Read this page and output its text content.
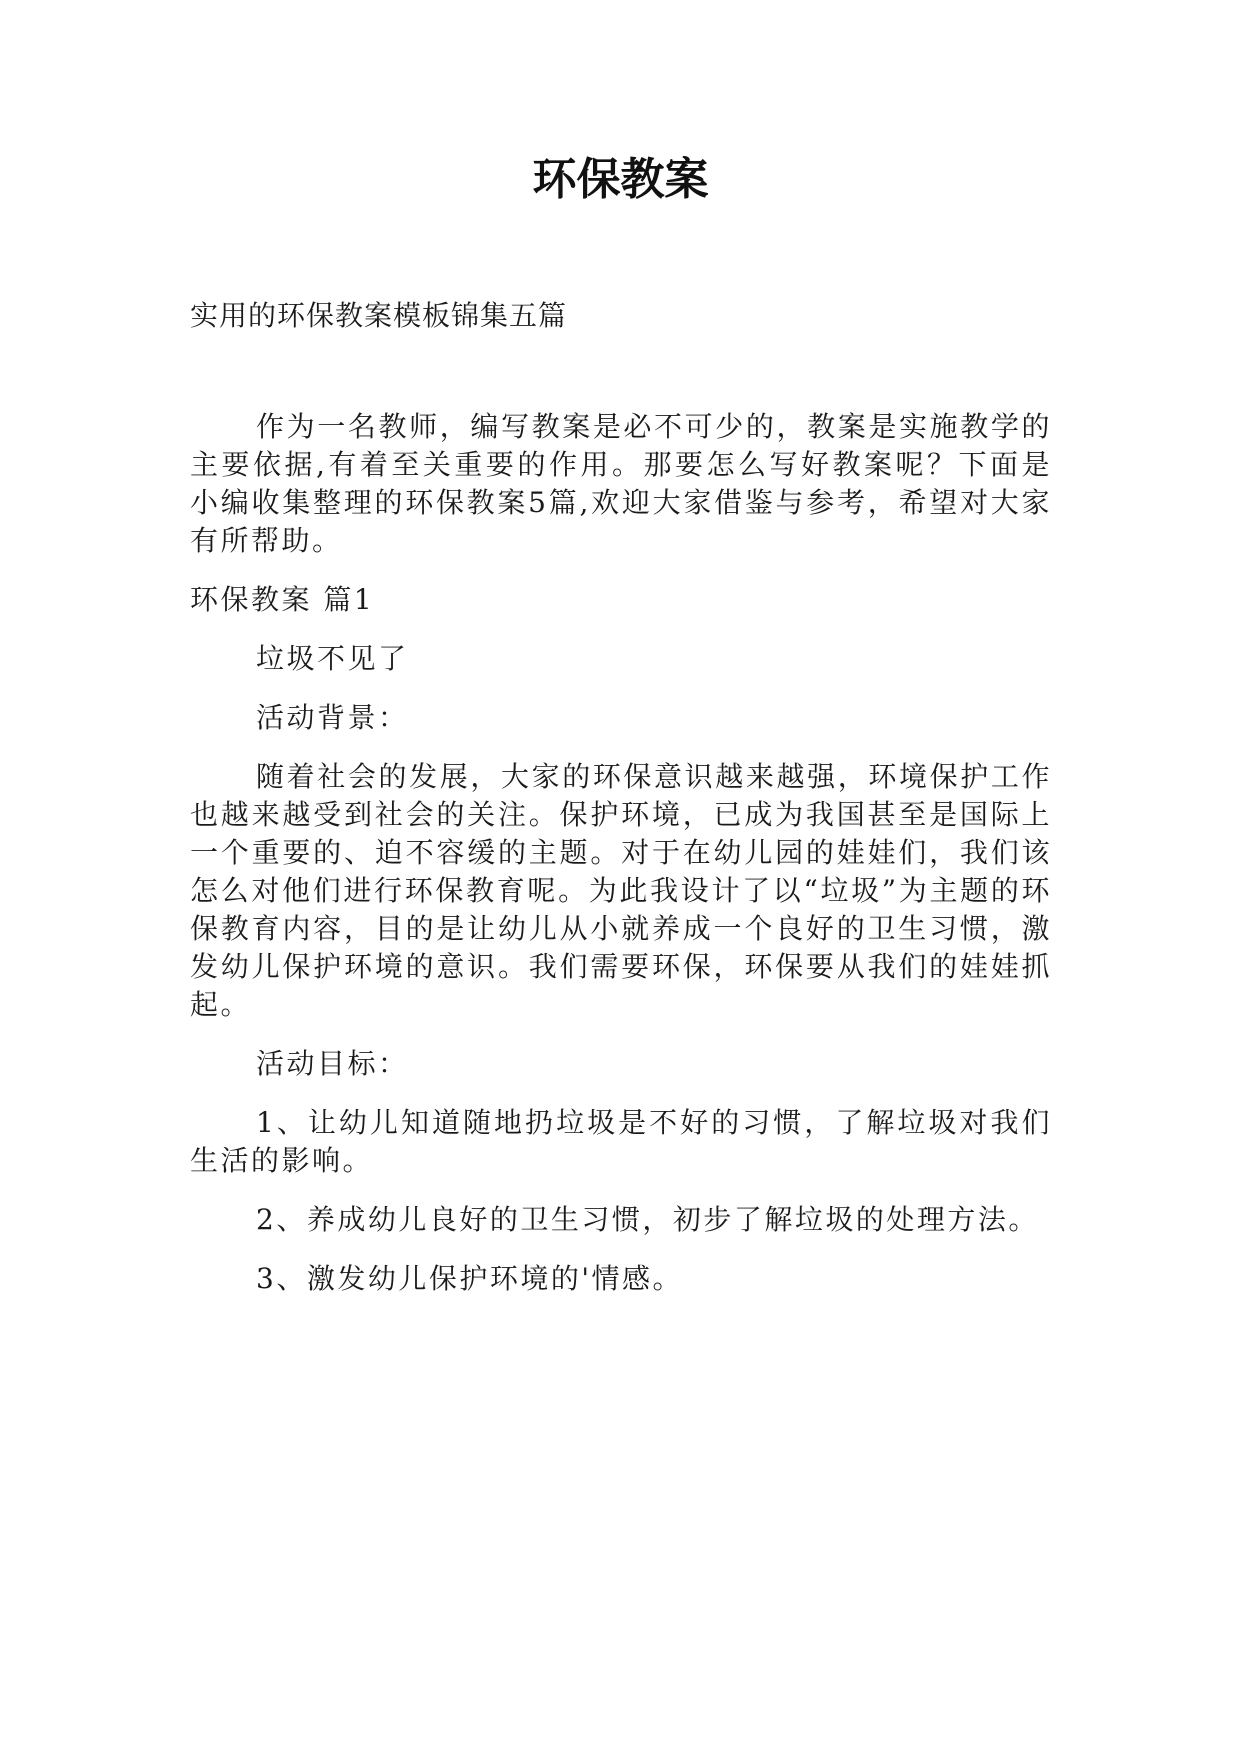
环保教案

实用的环保教案模板锦集五篇

作为一名教师，编写教案是必不可少的，教案是实施教学的主要依据,有着至关重要的作用。那要怎么写好教案呢？下面是小编收集整理的环保教案5篇,欢迎大家借鉴与参考，希望对大家有所帮助。

环保教案 篇1

垃圾不见了

活动背景：

随着社会的发展，大家的环保意识越来越强，环境保护工作也越来越受到社会的关注。保护环境，已成为我国甚至是国际上一个重要的、迫不容缓的主题。对于在幼儿园的娃娃们，我们该怎么对他们进行环保教育呢。为此我设计了以“垃圾”为主题的环保教育内容，目的是让幼儿从小就养成一个良好的卫生习惯，激发幼儿保护环境的意识。我们需要环保，环保要从我们的娃娃抓起。

活动目标：

1、让幼儿知道随地扔垃圾是不好的习惯，了解垃圾对我们生活的影响。

2、养成幼儿良好的卫生习惯，初步了解垃圾的处理方法。

3、激发幼儿保护环境的'情感。
